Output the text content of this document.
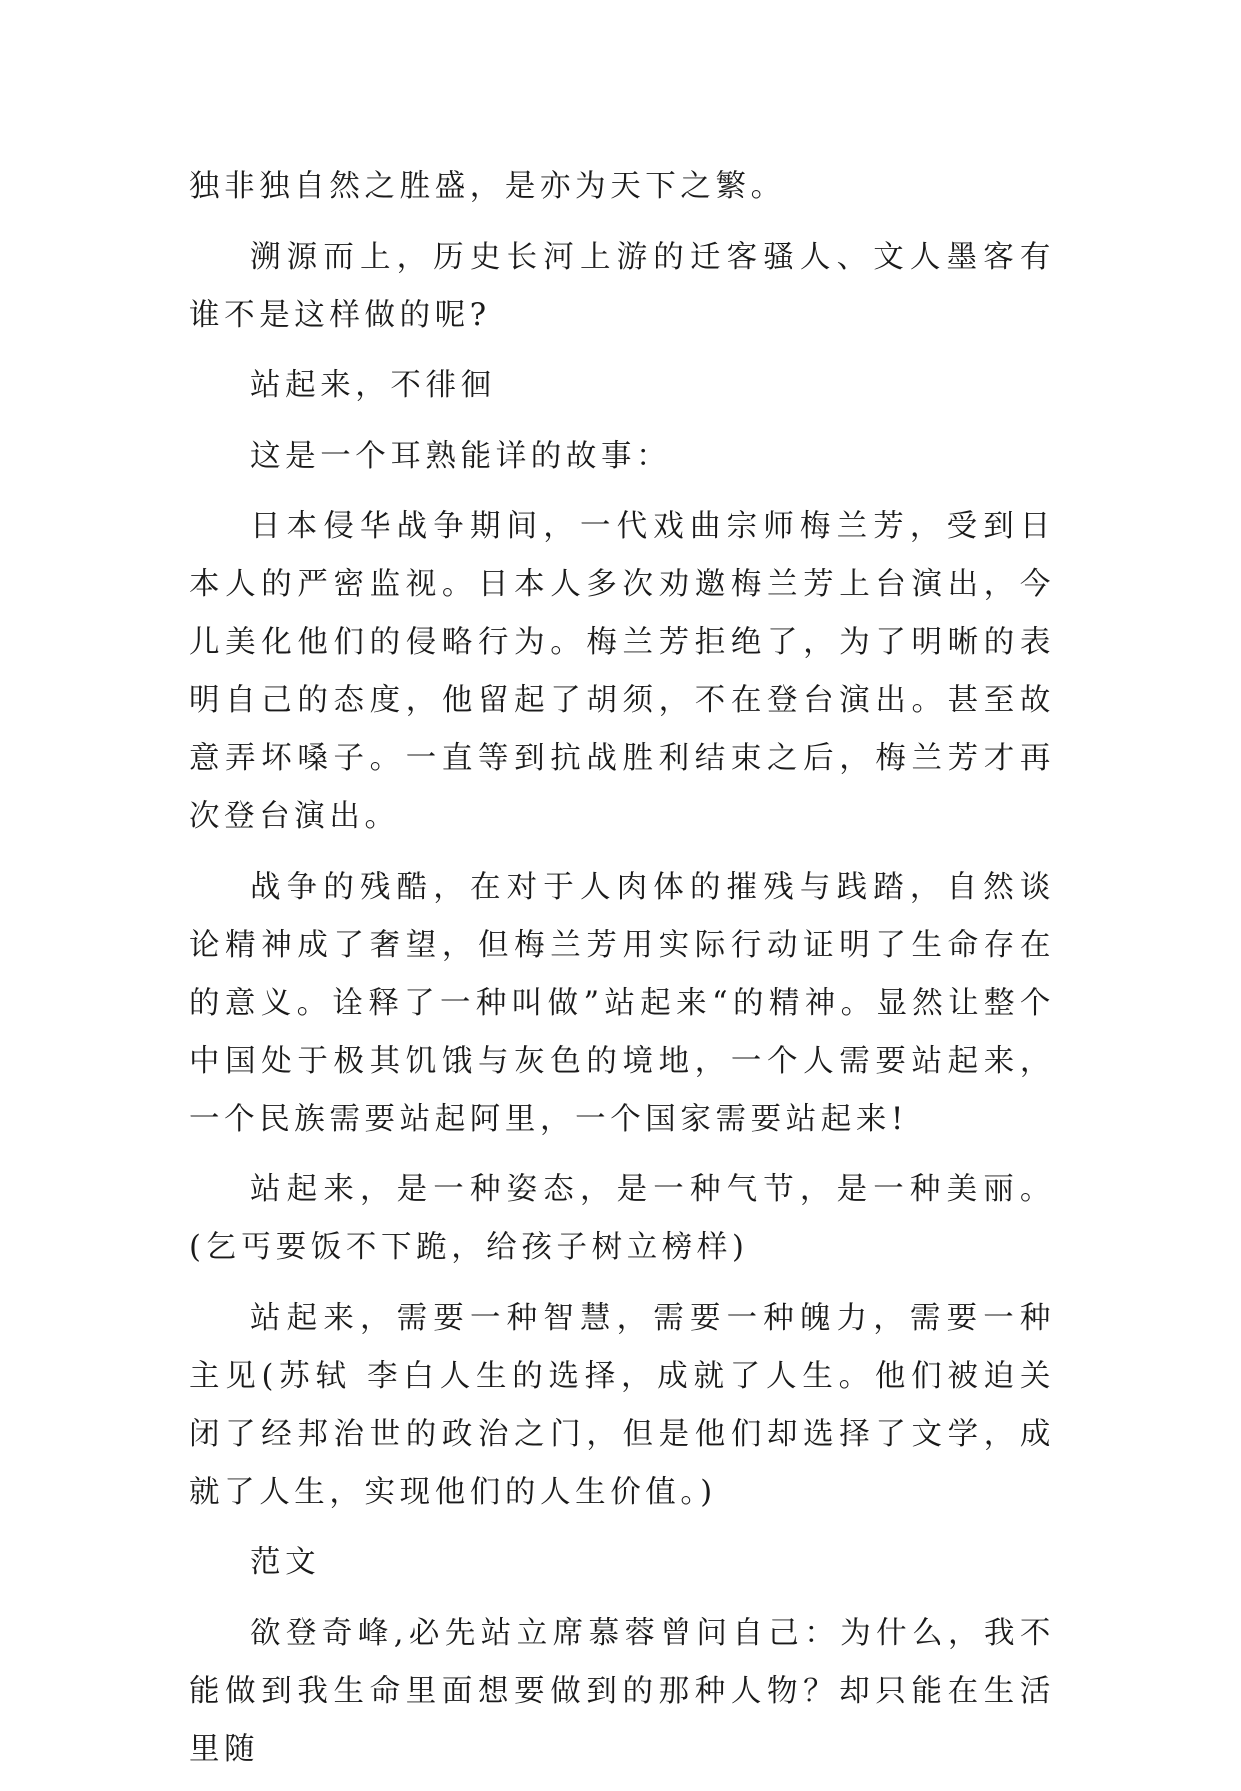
独非独自然之胜盛，是亦为天下之繁。

溯源而上，历史长河上游的迁客骚人、文人墨客有谁不是这样做的呢?

站起来，不徘徊

这是一个耳熟能详的故事：

日本侵华战争期间，一代戏曲宗师梅兰芳，受到日本人的严密监视。日本人多次劝邀梅兰芳上台演出，今儿美化他们的侵略行为。梅兰芳拒绝了，为了明晰的表明自己的态度，他留起了胡须，不在登台演出。甚至故意弄坏嗓子。一直等到抗战胜利结束之后，梅兰芳才再次登台演出。

战争的残酷，在对于人肉体的摧残与践踏，自然谈论精神成了奢望，但梅兰芳用实际行动证明了生命存在的意义。诠释了一种叫做”站起来“的精神。显然让整个中国处于极其饥饿与灰色的境地，一个人需要站起来，一个民族需要站起阿里，一个国家需要站起来!

站起来，是一种姿态，是一种气节，是一种美丽。(乞丐要饭不下跪，给孩子树立榜样)

站起来，需要一种智慧，需要一种魄力，需要一种主见(苏轼 李白人生的选择，成就了人生。他们被迫关闭了经邦治世的政治之门，但是他们却选择了文学，成就了人生，实现他们的人生价值。)

范文

欲登奇峰,必先站立席慕蓉曾问自己：为什么，我不能做到我生命里面想要做到的那种人物？却只能在生活里随
